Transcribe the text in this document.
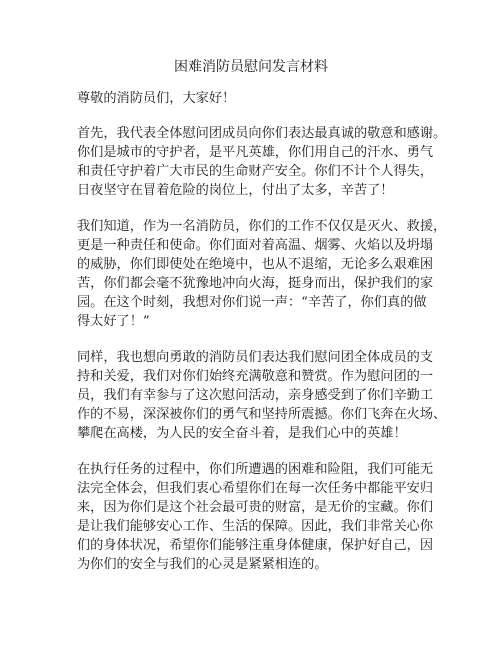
困难消防员慰问发言材料
尊敬的消防员们，大家好！
首先，我代表全体慰问团成员向你们表达最真诚的敬意和感谢。
你们是城市的守护者，是平凡英雄，你们用自己的汗水、勇气
和责任守护着广大市民的生命财产安全。你们不计个人得失，
日夜坚守在冒着危险的岗位上，付出了太多，辛苦了！
我们知道，作为一名消防员，你们的工作不仅仅是灭火、救援，
更是一种责任和使命。你们面对着高温、烟雾、火焰以及坍塌
的威胁，你们即使处在绝境中，也从不退缩，无论多么艰难困
苦，你们都会毫不犹豫地冲向火海，挺身而出，保护我们的家
园。在这个时刻，我想对你们说一声：“辛苦了，你们真的做
得太好了！”
同样，我也想向勇敢的消防员们表达我们慰问团全体成员的支
持和关爱，我们对你们始终充满敬意和赞赏。作为慰问团的一
员，我们有幸参与了这次慰问活动，亲身感受到了你们辛勤工
作的不易，深深被你们的勇气和坚持所震撼。你们飞奔在火场、
攀爬在高楼，为人民的安全奋斗着，是我们心中的英雄！
在执行任务的过程中，你们所遭遇的困难和险阻，我们可能无
法完全体会，但我们衷心希望你们在每一次任务中都能平安归
来，因为你们是这个社会最可贵的财富，是无价的宝藏。你们
是让我们能够安心工作、生活的保障。因此，我们非常关心你
们的身体状况，希望你们能够注重身体健康，保护好自己，因
为你们的安全与我们的心灵是紧紧相连的。
